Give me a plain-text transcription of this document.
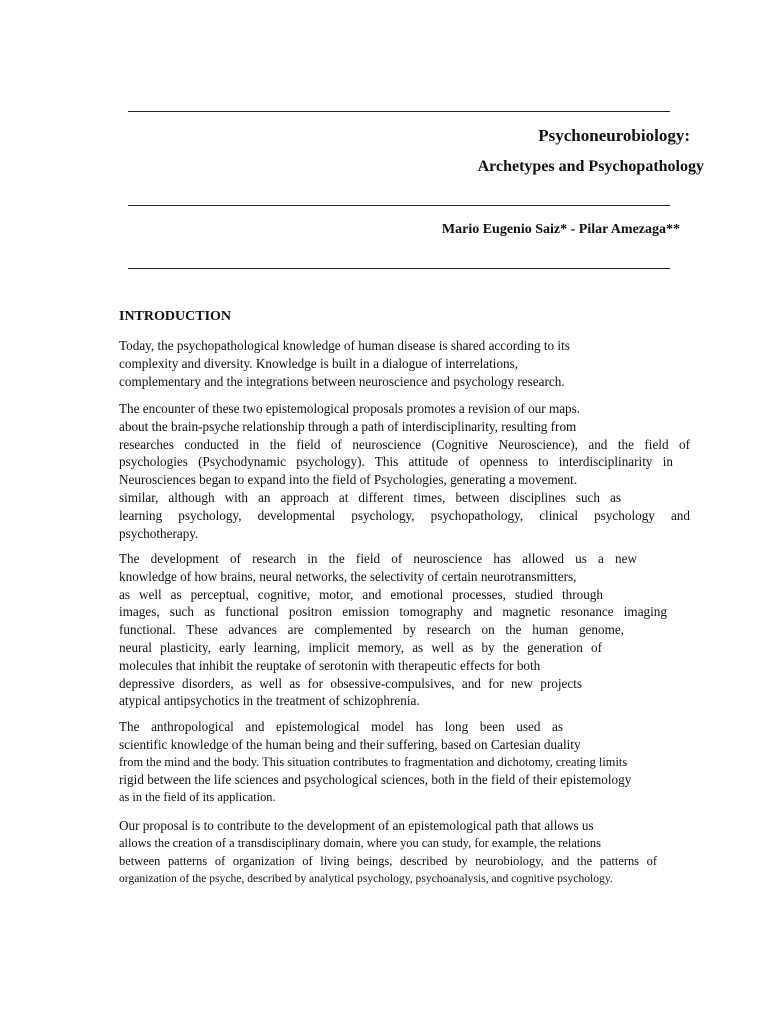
Psychoneurobiology:
Archetypes and Psychopathology
Mario Eugenio Saiz* - Pilar Amezaga**
INTRODUCTION
Today, the psychopathological knowledge of human disease is shared according to its
complexity and diversity. Knowledge is built in a dialogue of interrelations,
complementary and the integrations between neuroscience and psychology research.
The encounter of these two epistemological proposals promotes a revision of our maps.
about the brain-psyche relationship through a path of interdisciplinarity, resulting from
researches conducted in the field of neuroscience (Cognitive Neuroscience), and the field of
psychologies (Psychodynamic psychology). This attitude of openness to interdisciplinarity in
Neurosciences began to expand into the field of Psychologies, generating a movement.
similar, although with an approach at different times, between disciplines such as
learning psychology, developmental psychology, psychopathology, clinical psychology and
psychotherapy.
The development of research in the field of neuroscience has allowed us a new
knowledge of how brains, neural networks, the selectivity of certain neurotransmitters,
as well as perceptual, cognitive, motor, and emotional processes, studied through
images, such as functional positron emission tomography and magnetic resonance imaging
functional. These advances are complemented by research on the human genome,
neural plasticity, early learning, implicit memory, as well as by the generation of
molecules that inhibit the reuptake of serotonin with therapeutic effects for both
depressive disorders, as well as for obsessive-compulsives, and for new projects
atypical antipsychotics in the treatment of schizophrenia.
The anthropological and epistemological model has long been used as
scientific knowledge of the human being and their suffering, based on Cartesian duality
from the mind and the body. This situation contributes to fragmentation and dichotomy, creating limits
rigid between the life sciences and psychological sciences, both in the field of their epistemology
as in the field of its application.
Our proposal is to contribute to the development of an epistemological path that allows us
allows the creation of a transdisciplinary domain, where you can study, for example, the relations
between patterns of organization of living beings, described by neurobiology, and the patterns of
organization of the psyche, described by analytical psychology, psychoanalysis, and cognitive psychology.
